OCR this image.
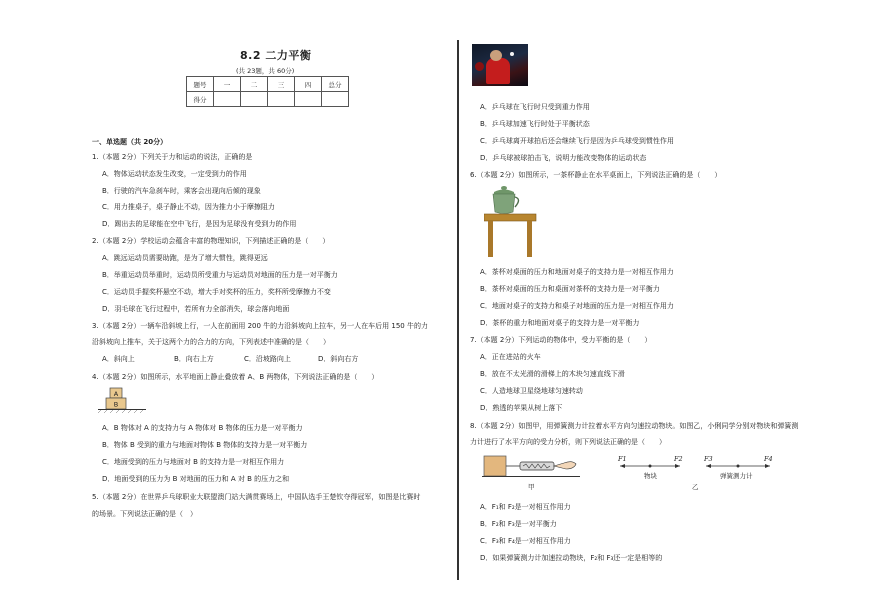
8.2 二力平衡
(共 23题，共 60分)
题号	一	二	三	四	总分
得分					
一、单选题（共 20分）
1.（本题 2分）下列关于力和运动的说法，正确的是
A．物体运动状态发生改变，一定受到力的作用
B．行驶的汽车急刹车时，乘客会出现向后倾的现象
C．用力推桌子，桌子静止不动，因为推力小于摩擦阻力
D．踢出去的足球能在空中飞行，是因为足球没有受到力的作用
2.（本题 2分）学校运动会蕴含丰富的物理知识，下列描述正确的是（　　）
A．跳远运动员需要助跑，是为了增大惯性，跳得更远
B．举重运动员举重时，运动员所受重力与运动员对地面的压力是一对平衡力
C．运动员手握奖杯悬空不动，增大手对奖杯的压力，奖杯所受摩擦力不变
D．羽毛球在飞行过程中，若所有力全部消失，球会落向地面
3.（本题 2分）一辆车沿斜坡上行，一人在前面用 200 牛的力沿斜坡向上拉车，另一人在车后用 150 牛的力
沿斜坡向上推车，关于这两个力的合力的方向，下列表述中准确的是（　　）
A．斜向上	B．向右上方	C．沿坡路向上	D．斜向右方
4.（本题 2分）如图所示，水平地面上静止叠放着 A、B 两物体，下列说法正确的是（　　）
A
B
A．B 物体对 A 的支持力与 A 物体对 B 物体的压力是一对平衡力
B．物体 B 受到的重力与地面对物体 B 物体的支持力是一对平衡力
C．地面受到的压力与地面对 B 的支持力是一对相互作用力
D．地面受到的压力为 B 对地面的压力和 A 对 B 的压力之和
5.（本题 2分）在世界乒乓球职业大联盟澳门站大满贯赛场上，中国队选手王楚钦夺得冠军，如图是比赛时
的场景。下列说法正确的是（　）
A．乒乓球在飞行时只受到重力作用
B．乒乓球加速飞行时处于平衡状态
C．乒乓球离开球拍后还会继续飞行是因为乒乓球受到惯性作用
D．乒乓球被球拍击飞，说明力能改变物体的运动状态
6.（本题 2分）如图所示，一茶杯静止在水平桌面上，下列说法正确的是（　　）
A．茶杯对桌面的压力和地面对桌子的支持力是一对相互作用力
B．茶杯对桌面的压力和桌面对茶杯的支持力是一对平衡力
C．地面对桌子的支持力和桌子对地面的压力是一对相互作用力
D．茶杯的重力和地面对桌子的支持力是一对平衡力
7.（本题 2分）下列运动的物体中，受力平衡的是（　　）
A．正在进站的火车
B．放在不太光滑的滑梯上的木块匀速直线下滑
C．人造地球卫星绕地球匀速转动
D．熟透的苹果从树上落下
8.（本题 2分）如图甲，用弹簧测力计拉着水平方向匀速拉动物块。如图乙，小俐同学分别对物块和弹簧测
力计进行了水平方向的受力分析，则下列说法正确的是（　　）
甲
F1	F2
物块
F3	F4
弹簧测力计
乙
A．F₁和 F₂是一对相互作用力
B．F₂和 F₃是一对平衡力
C．F₃和 F₄是一对相互作用力
D．如果弹簧测力计加速拉动物块，F₂和 F₃还一定是相等的
